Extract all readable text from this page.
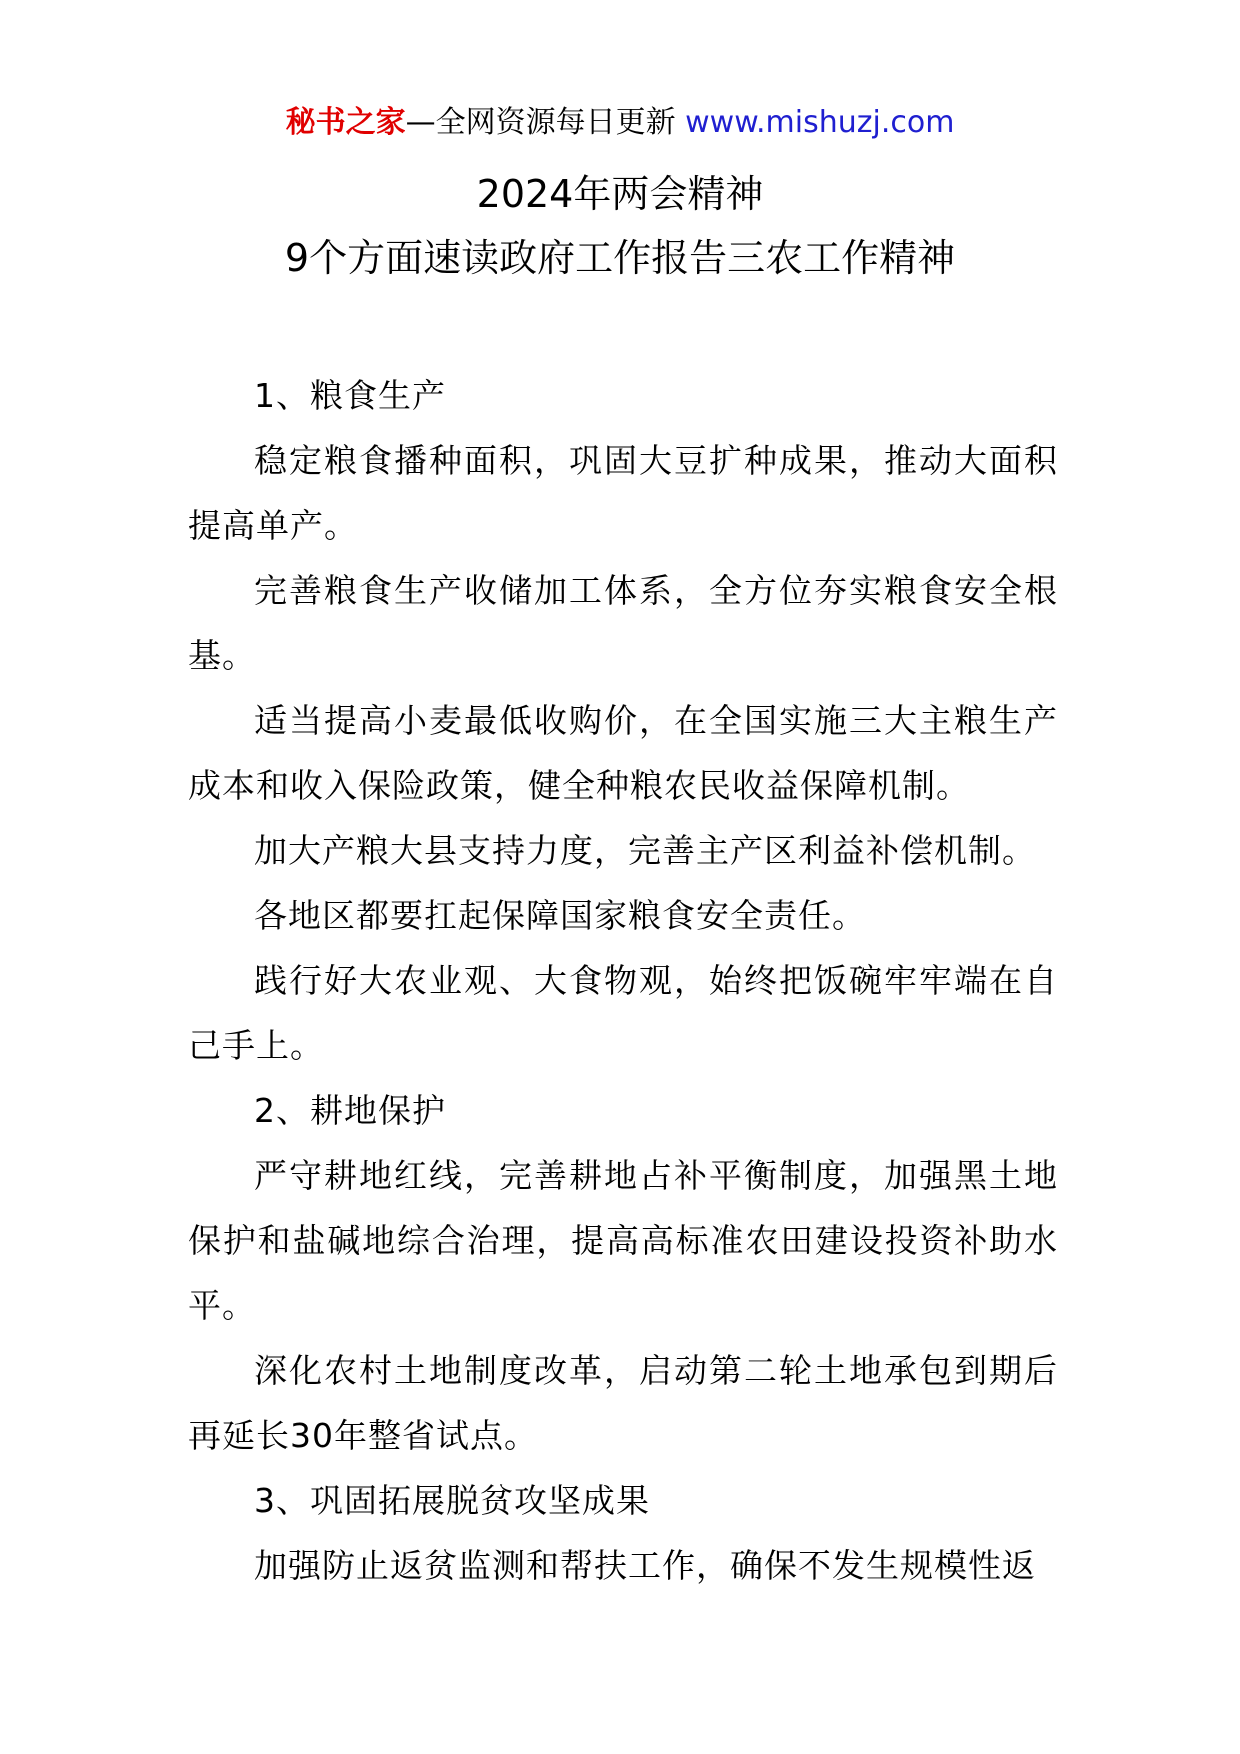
秘书之家—全网资源每日更新 www.mishuzj.com
2024年两会精神
9个方面速读政府工作报告三农工作精神

1、粮食生产

稳定粮食播种面积，巩固大豆扩种成果，推动大面积提高单产。

完善粮食生产收储加工体系，全方位夯实粮食安全根基。

适当提高小麦最低收购价，在全国实施三大主粮生产成本和收入保险政策，健全种粮农民收益保障机制。

加大产粮大县支持力度，完善主产区利益补偿机制。

各地区都要扛起保障国家粮食安全责任。

践行好大农业观、大食物观，始终把饭碗牢牢端在自己手上。

2、耕地保护

严守耕地红线，完善耕地占补平衡制度，加强黑土地保护和盐碱地综合治理，提高高标准农田建设投资补助水平。

深化农村土地制度改革，启动第二轮土地承包到期后再延长30年整省试点。

3、巩固拓展脱贫攻坚成果

加强防止返贫监测和帮扶工作，确保不发生规模性返
